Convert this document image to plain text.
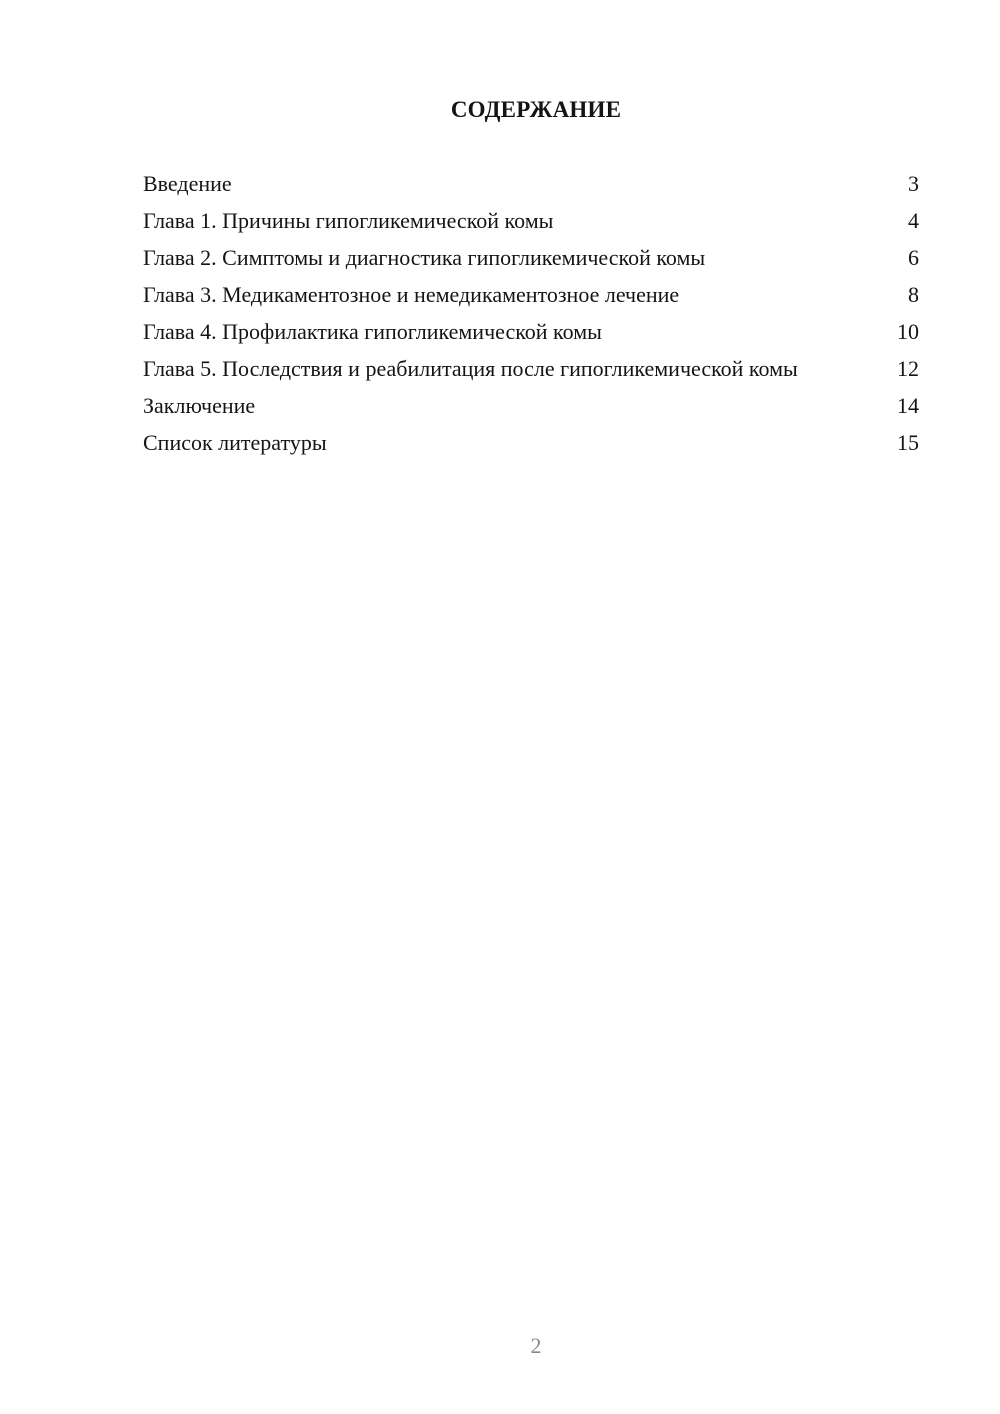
СОДЕРЖАНИЕ
Введение	3
Глава 1. Причины гипогликемической комы	4
Глава 2. Симптомы и диагностика гипогликемической комы	6
Глава 3. Медикаментозное и немедикаментозное лечение	8
Глава 4. Профилактика гипогликемической комы	10
Глава 5. Последствия и реабилитация после гипогликемической комы	12
Заключение	14
Список литературы	15
2
